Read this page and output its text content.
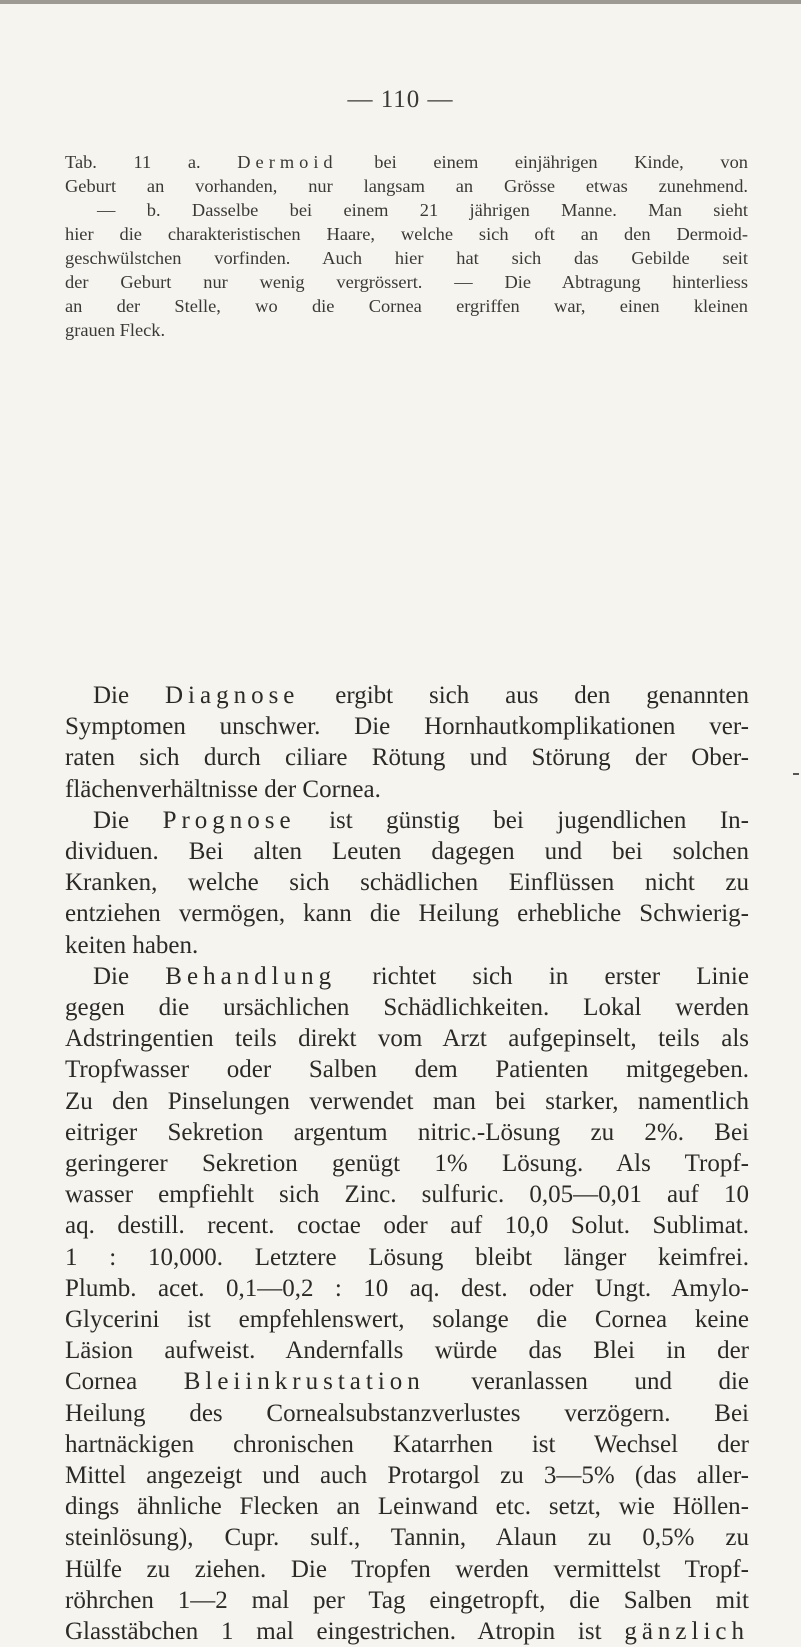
— 110 —
Tab. 11 a. Dermoid bei einem einjährigen Kinde, von
Geburt an vorhanden, nur langsam an Grösse etwas zunehmend.
— b. Dasselbe bei einem 21 jährigen Manne. Man sieht
hier die charakteristischen Haare, welche sich oft an den Dermoid-
geschwülstchen vorfinden. Auch hier hat sich das Gebilde seit
der Geburt nur wenig vergrössert. — Die Abtragung hinterliess
an der Stelle, wo die Cornea ergriffen war, einen kleinen
grauen Fleck.
Die Diagnose ergibt sich aus den genannten
Symptomen unschwer. Die Hornhautkomplikationen ver-
raten sich durch ciliare Rötung und Störung der Ober-
flächenverhältnisse der Cornea.
Die Prognose ist günstig bei jugendlichen In-
dividuen. Bei alten Leuten dagegen und bei solchen
Kranken, welche sich schädlichen Einflüssen nicht zu
entziehen vermögen, kann die Heilung erhebliche Schwierig-
keiten haben.
Die Behandlung richtet sich in erster Linie
gegen die ursächlichen Schädlichkeiten. Lokal werden
Adstringentien teils direkt vom Arzt aufgepinselt, teils als
Tropfwasser oder Salben dem Patienten mitgegeben.
Zu den Pinselungen verwendet man bei starker, namentlich
eitriger Sekretion argentum nitric.-Lösung zu 2%. Bei
geringerer Sekretion genügt 1% Lösung. Als Tropf-
wasser empfiehlt sich Zinc. sulfuric. 0,05—0,01 auf 10
aq. destill. recent. coctae oder auf 10,0 Solut. Sublimat.
1 : 10,000. Letztere Lösung bleibt länger keimfrei.
Plumb. acet. 0,1—0,2 : 10 aq. dest. oder Ungt. Amylo-
Glycerini ist empfehlenswert, solange die Cornea keine
Läsion aufweist. Andernfalls würde das Blei in der
Cornea Bleiinkrustation veranlassen und die
Heilung des Cornealsubstanzverlustes verzögern. Bei
hartnäckigen chronischen Katarrhen ist Wechsel der
Mittel angezeigt und auch Protargol zu 3—5% (das aller-
dings ähnliche Flecken an Leinwand etc. setzt, wie Höllen-
steinlösung), Cupr. sulf., Tannin, Alaun zu 0,5% zu
Hülfe zu ziehen. Die Tropfen werden vermittelst Tropf-
röhrchen 1—2 mal per Tag eingetropft, die Salben mit
Glasstäbchen 1 mal eingestrichen. Atropin ist gänzlich
